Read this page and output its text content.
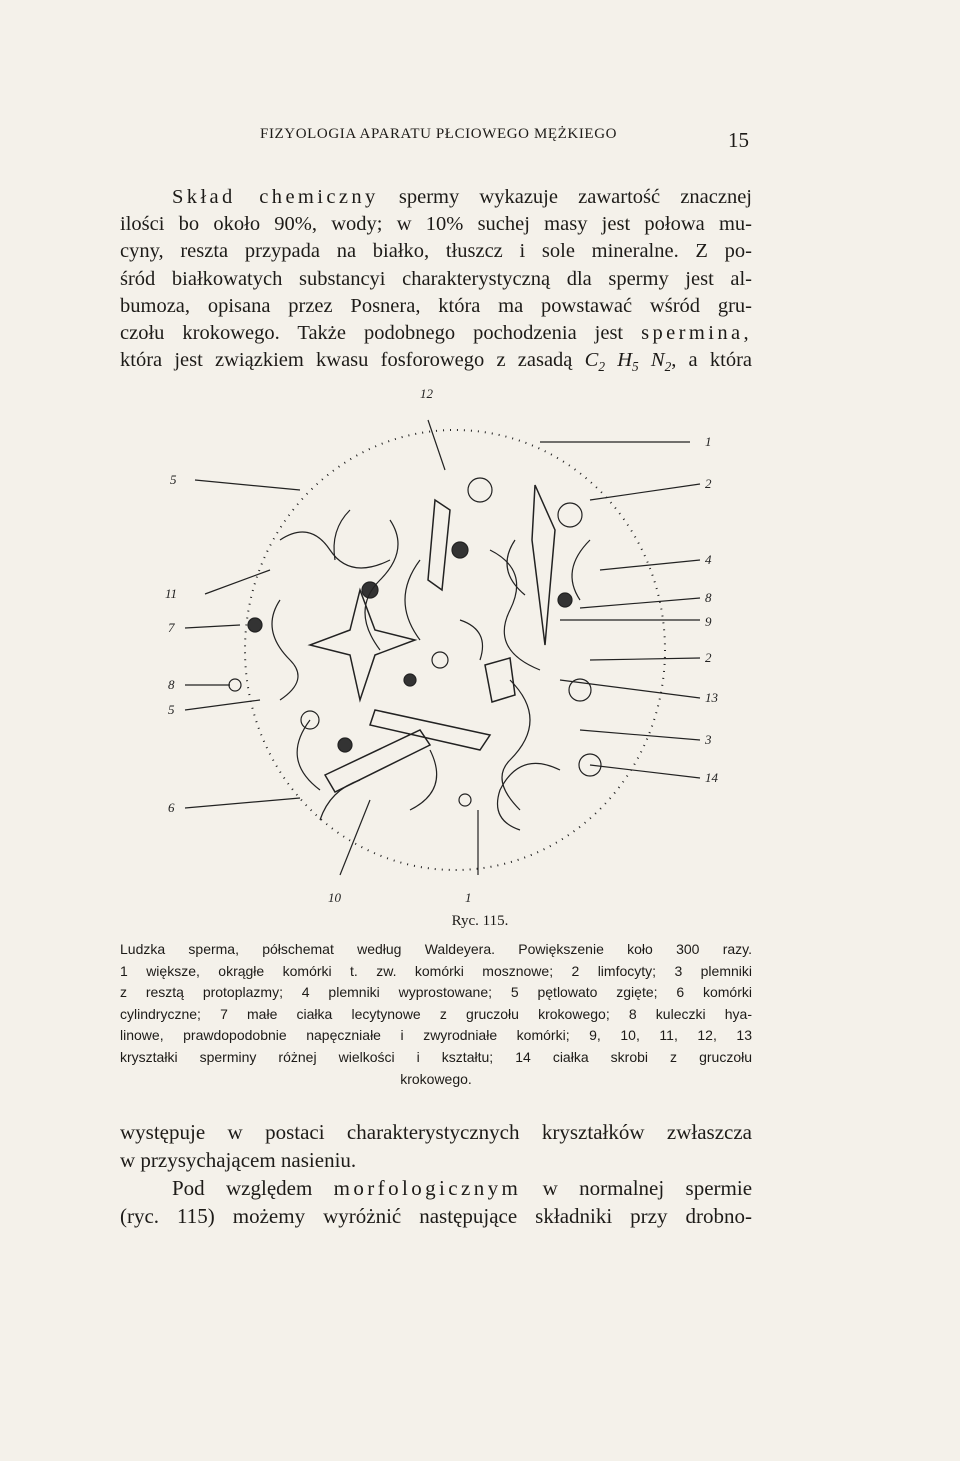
FIZYOLOGIA APARATU PŁCIOWEGO MĘŻKIEGO	15
Skład chemiczny spermy wykazuje zawartość znacznej
ilości bo około 90%, wody; w 10% suchej masy jest połowa mu-
cyny, reszta przypada na białko, tłuszcz i sole mineralne. Z po-
śród białkowatych substancyi charakterystyczną dla spermy jest al-
bumoza, opisana przez Posnera, która ma powstawać wśród gru-
czołu krokowego. Także podobnego pochodzenia jest spermina,
która jest związkiem kwasu fosforowego z zasadą $C_2$ $H_5$ $N_2$, a która
1
2
4
8
9
2
13
3
14
5
11
7
8
5
6
12
10	1
Ryc. 115.
Ludzka sperma, półschemat według Waldeyera. Powiększenie koło 300 razy.
1 większe, okrągłe komórki t. zw. komórki mosznowe; 2 limfocyty; 3 plemniki
z resztą protoplazmy; 4 plemniki wyprostowane; 5 pętlowato zgięte; 6 komórki
cylindryczne; 7 małe ciałka lecytynowe z gruczołu krokowego; 8 kuleczki hya-
linowe, prawdopodobnie napęczniałe i zwyrodniałe komórki; 9, 10, 11, 12, 13
kryształki sperminy różnej wielkości i kształtu; 14 ciałka skrobi z gruczołu
krokowego.
występuje w postaci charakterystycznych kryształków zwłaszcza
w przysychającem nasieniu.
Pod względem morfologicznym w normalnej spermie
(ryc. 115) możemy wyróżnić następujące składniki przy drobno-
